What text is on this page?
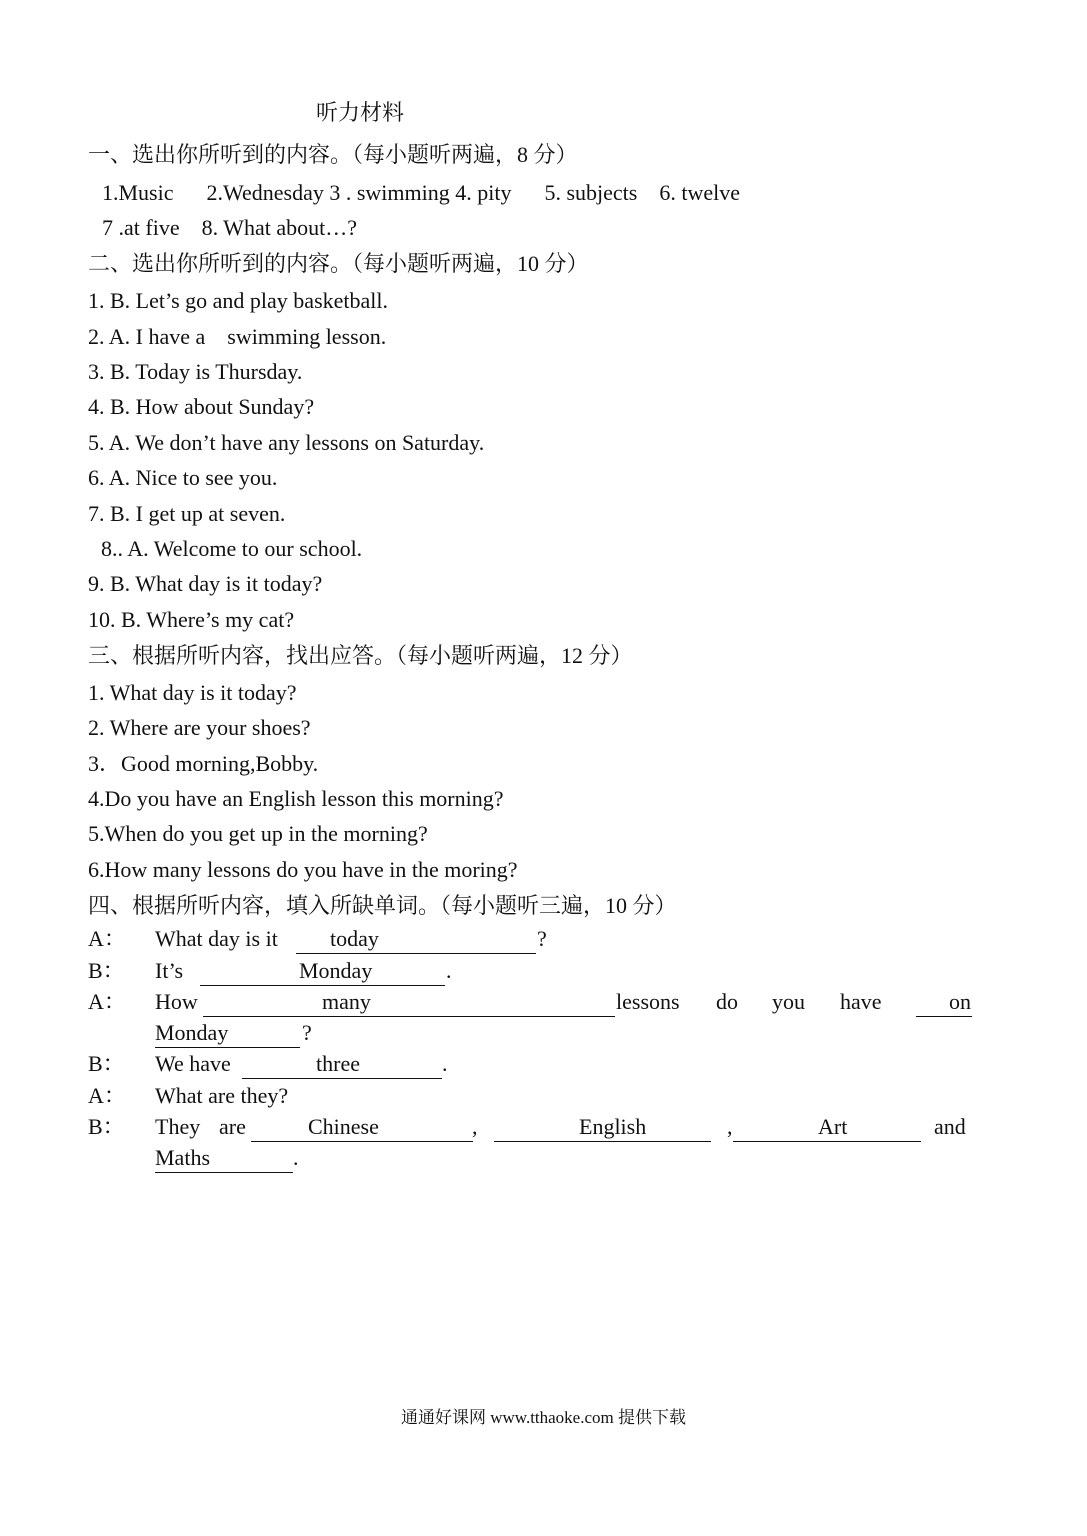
听力材料
一、选出你所听到的内容。（每小题听两遍，8 分）
1.Music      2.Wednesday 3 . swimming 4. pity      5. subjects    6. twelve
7 .at five    8. What about…?
二、选出你所听到的内容。（每小题听两遍，10 分）
1. B. Let’s go and play basketball.
2. A. I have a    swimming lesson.
3. B. Today is Thursday.
4. B. How about Sunday?
5. A. We don’t have any lessons on Saturday.
6. A. Nice to see you.
7. B. I get up at seven.
8.. A. Welcome to our school.
9. B. What day is it today?
10. B. Where’s my cat?
三、根据所听内容，找出应答。（每小题听两遍，12 分）
1. What day is it today?
2. Where are your shoes?
3．Good morning,Bobby.
4.Do you have an English lesson this morning?
5.When do you get up in the morning?
6.How many lessons do you have in the moring?
四、根据所听内容，填入所缺单词。（每小题听三遍，10 分）
A： What day is it today	?
B： It’s	Monday	.
A： How	many	lessons do you have	on
Monday	?
B： We have	three	.
A： What are they?
B： They are	Chinese	,	English	,	Art	and
Maths	.
通通好课网 www.tthaoke.com 提供下载
